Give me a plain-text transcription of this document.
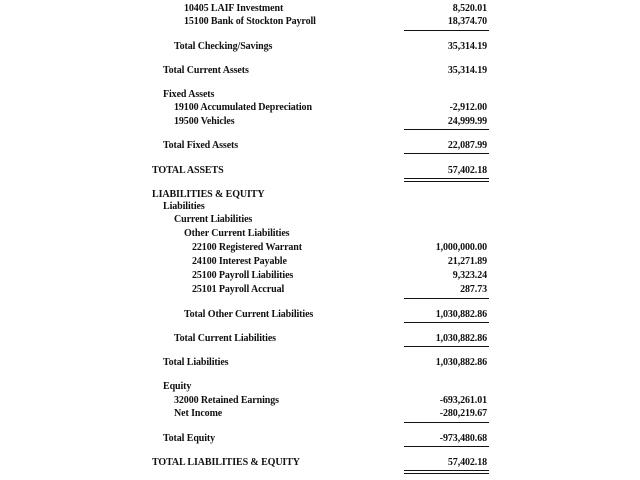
10405 LAIF Investment	8,520.01
15100 Bank of Stockton Payroll	18,374.70
Total Checking/Savings	35,314.19
Total Current Assets	35,314.19
Fixed Assets
19100 Accumulated Depreciation	-2,912.00
19500 Vehicles	24,999.99
Total Fixed Assets	22,087.99
TOTAL ASSETS	57,402.18
LIABILITIES & EQUITY
Liabilities
Current Liabilities
Other Current Liabilities
22100 Registered Warrant	1,000,000.00
24100 Interest Payable	21,271.89
25100 Payroll Liabilities	9,323.24
25101 Payroll Accrual	287.73
Total Other Current Liabilities	1,030,882.86
Total Current Liabilities	1,030,882.86
Total Liabilities	1,030,882.86
Equity
32000 Retained Earnings	-693,261.01
Net Income	-280,219.67
Total Equity	-973,480.68
TOTAL LIABILITIES & EQUITY	57,402.18
